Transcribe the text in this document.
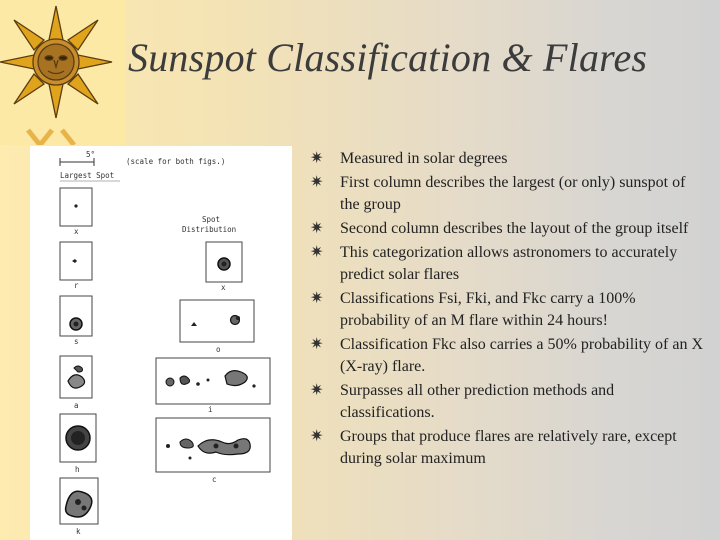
Sunspot Classification & Flares
5°
(scale for both figs.)
Largest Spot
Spot
Distribution
x
r
s
a
h
k
x
o
i
c
✷ Measured in solar degrees
✷ First column describes the largest (or only) sunspot of the group
✷ Second column describes the layout of the group itself
✷ This categorization allows astronomers to accurately predict solar flares
✷ Classifications Fsi, Fki, and Fkc carry a 100% probability of an M flare within 24 hours!
✷ Classification Fkc also carries a 50% probability of an X (X-ray) flare.
✷ Surpasses all other prediction methods and classifications.
✷ Groups that produce flares are relatively rare, except during solar maximum
